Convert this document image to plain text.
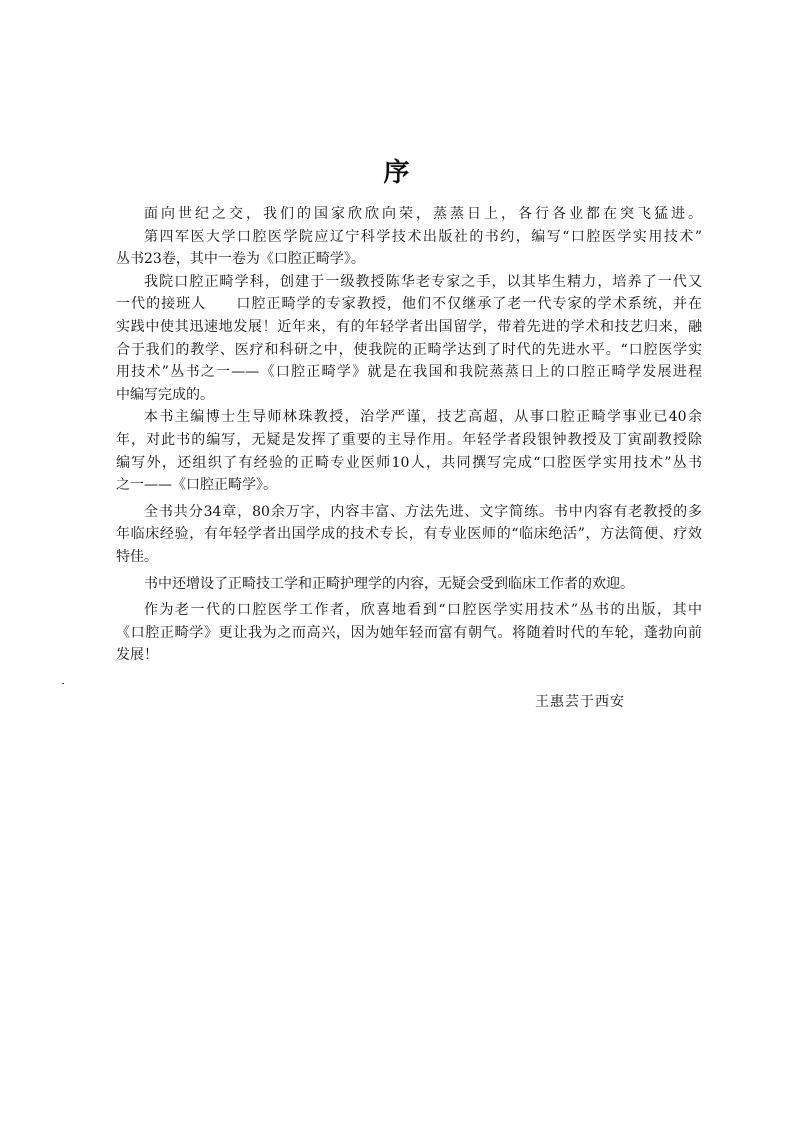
序
面向世纪之交，我们的国家欣欣向荣，蒸蒸日上，各行各业都在突飞猛进。
第四军医大学口腔医学院应辽宁科学技术出版社的书约，编写“口腔医学实用技术”
丛书23卷，其中一卷为《口腔正畸学》。
我院口腔正畸学科，创建于一级教授陈华老专家之手，以其毕生精力，培养了一代又
一代的接班人　　口腔正畸学的专家教授，他们不仅继承了老一代专家的学术系统，并在
实践中使其迅速地发展！近年来，有的年轻学者出国留学，带着先进的学术和技艺归来，融
合于我们的教学、医疗和科研之中，使我院的正畸学达到了时代的先进水平。“口腔医学实
用技术”丛书之一——《口腔正畸学》就是在我国和我院蒸蒸日上的口腔正畸学发展进程
中编写完成的。
本书主编博士生导师林珠教授，治学严谨，技艺高超，从事口腔正畸学事业已40余
年，对此书的编写，无疑是发挥了重要的主导作用。年轻学者段银钟教授及丁寅副教授除
编写外，还组织了有经验的正畸专业医师10人，共同撰写完成“口腔医学实用技术”丛书
之一——《口腔正畸学》。
全书共分34章，80余万字，内容丰富、方法先进、文字简练。书中内容有老教授的多
年临床经验，有年轻学者出国学成的技术专长，有专业医师的“临床绝活”，方法简便、疗效
特佳。
书中还增设了正畸技工学和正畸护理学的内容，无疑会受到临床工作者的欢迎。
作为老一代的口腔医学工作者，欣喜地看到“口腔医学实用技术”丛书的出版，其中
《口腔正畸学》更让我为之而高兴，因为她年轻而富有朝气。将随着时代的车轮，蓬勃向前
发展！
王惠芸于西安
